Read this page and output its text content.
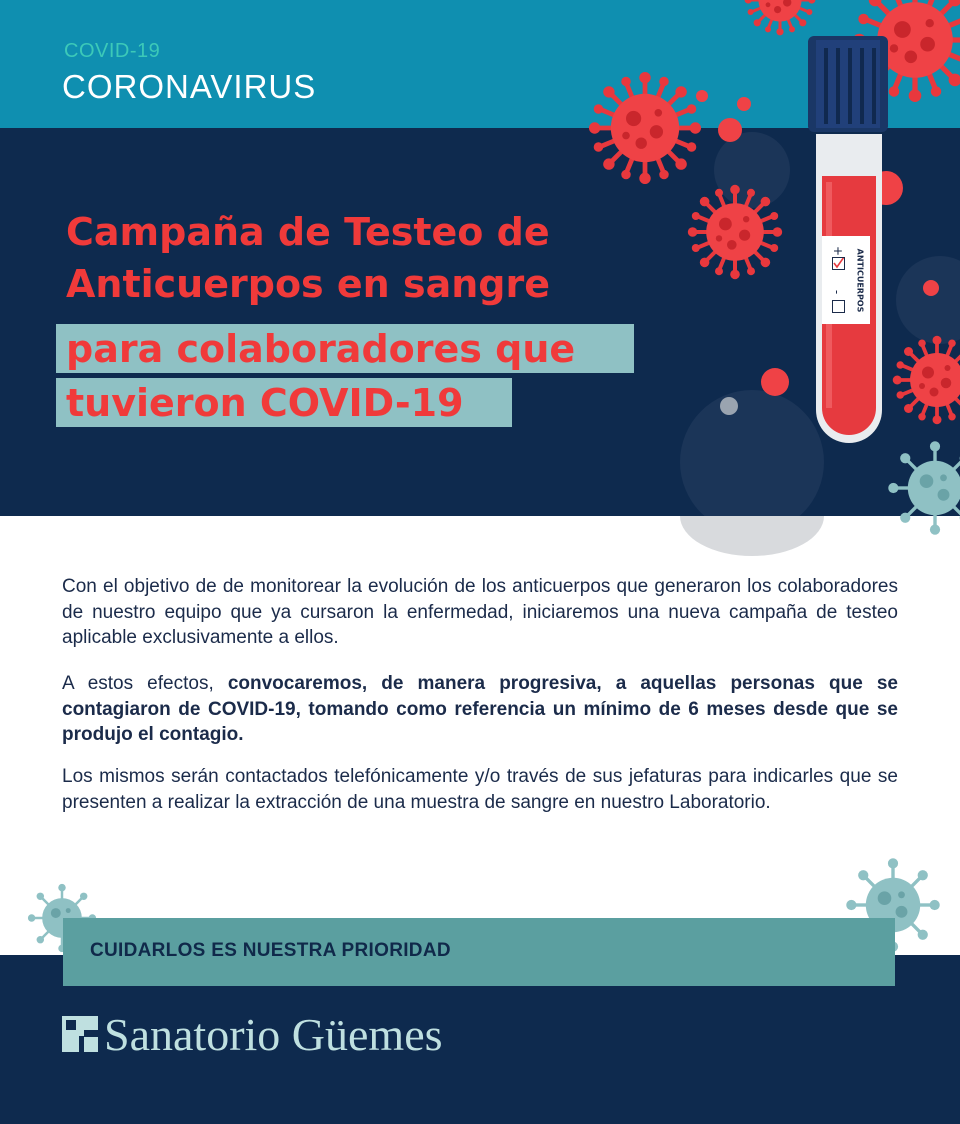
ANTICUERPOS
+
-
COVID-19
CORONAVIRUS
Campaña de Testeo de
Anticuerpos en sangre
para colaboradores que
tuvieron COVID-19
Con el objetivo de de monitorear la evolución de los anticuerpos que generaron los colaboradores de nuestro equipo que ya cursaron la enfermedad, iniciaremos una nueva campaña de testeo aplicable exclusivamente a ellos.
A estos efectos, convocaremos, de manera progresiva, a aquellas personas que se contagiaron de COVID-19, tomando como referencia un mínimo de 6 meses desde que se produjo el contagio.
Los mismos serán contactados telefónicamente y/o través de sus jefaturas para indicarles que se presenten a realizar la extracción de una muestra de sangre en nuestro Laboratorio.
CUIDARLOS ES NUESTRA PRIORIDAD
Sanatorio Güemes
